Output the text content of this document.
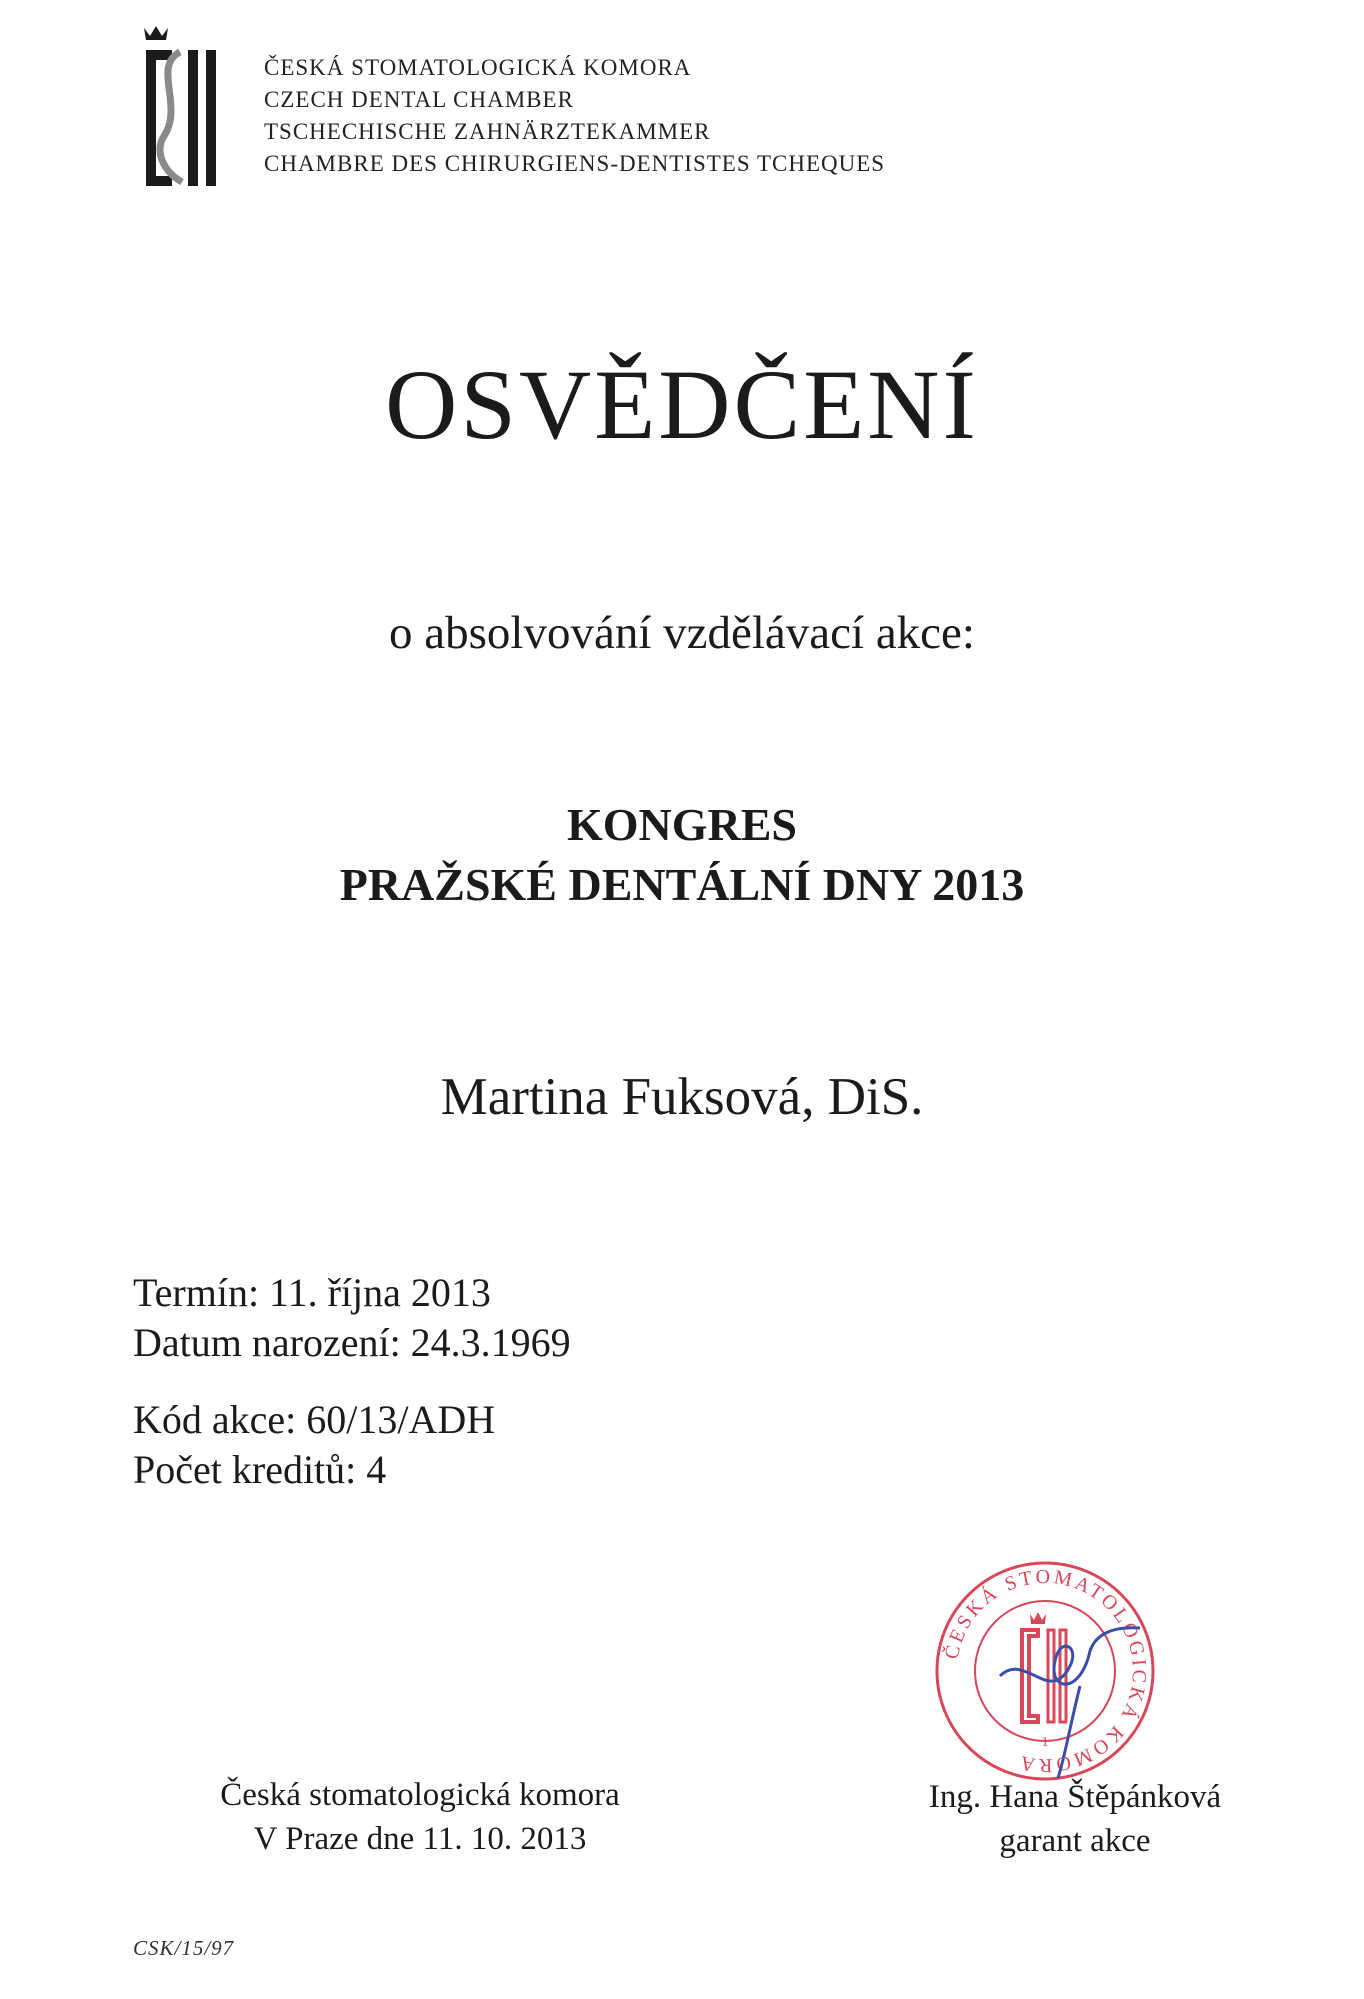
ČESKÁ STOMATOLOGICKÁ KOMORA
CZECH DENTAL CHAMBER
TSCHECHISCHE ZAHNÄRZTEKAMMER
CHAMBRE DES CHIRURGIENS-DENTISTES TCHEQUES
OSVĚDČENÍ
o absolvování vzdělávací akce:
KONGRES
PRAŽSKÉ DENTÁLNÍ DNY 2013
Martina Fuksová, DiS.
Termín: 11. října 2013
Datum narození: 24.3.1969
Kód akce: 60/13/ADH
Počet kreditů: 4
ČESKÁ STOMATOLOGICKÁ KOMORA
1
Česká stomatologická komora
V Praze dne 11. 10. 2013
Ing. Hana Štěpánková
garant akce
CSK/15/97
